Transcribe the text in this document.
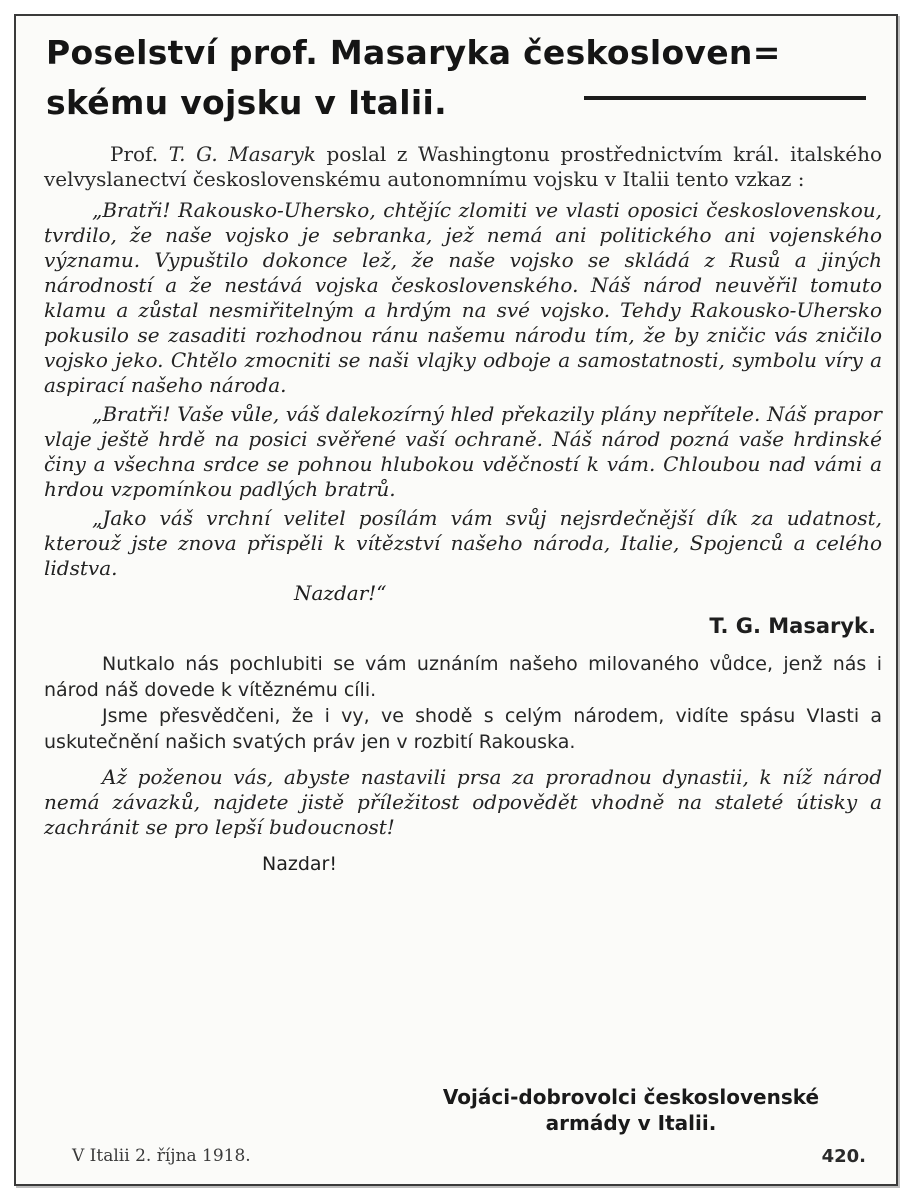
Poselství prof. Masaryka českosloven=
skému vojsku v Italii.

Prof. T. G. Masaryk poslal z Washingtonu prostřednictvím král. italského velvyslanectví československému autonomnímu vojsku v Italii tento vzkaz :

„Bratři! Rakousko-Uhersko, chtějíc zlomiti ve vlasti oposici československou, tvrdilo, že naše vojsko je sebranka, jež nemá ani politického ani vojenského významu. Vypuštilo dokonce lež, že naše vojsko se skládá z Rusů a jiných národností a že nestává vojska československého. Náš národ neuvěřil tomuto klamu a zůstal nesmiřitelným a hrdým na své vojsko. Tehdy Rakousko-Uhersko pokusilo se zasaditi rozhodnou ránu našemu národu tím, že by zničic vás zničilo vojsko jeko. Chtělo zmocniti se naši vlajky odboje a samostatnosti, symbolu víry a aspirací našeho národa.

„Bratři! Vaše vůle, váš dalekozírný hled překazily plány nepřítele. Náš prapor vlaje ještě hrdě na posici svěřené vaší ochraně. Náš národ pozná vaše hrdinské činy a všechna srdce se pohnou hlubokou vděčností k vám. Chloubou nad vámi a hrdou vzpomínkou padlých bratrů.

„Jako váš vrchní velitel posílám vám svůj nejsrdečnější dík za udatnost, kterouž jste znova přispěli k vítězství našeho národa, Italie, Spojenců a celého lidstva.

Nazdar!“

T. G. Masaryk.

Nutkalo nás pochlubiti se vám uznáním našeho milovaného vůdce, jenž nás i národ náš dovede k vítěznému cíli.

Jsme přesvědčeni, že i vy, ve shodě s celým národem, vidíte spásu Vlasti a uskutečnění našich svatých práv jen v rozbití Rakouska.

Až poženou vás, abyste nastavili prsa za proradnou dynastii, k níž národ nemá závazků, najdete jistě příležitost odpovědět vhodně na staleté útisky a zachránit se pro lepší budoucnost!

Nazdar!

Vojáci-dobrovolci československé
armády v Italii.
V Italii 2. října 1918.	420.
